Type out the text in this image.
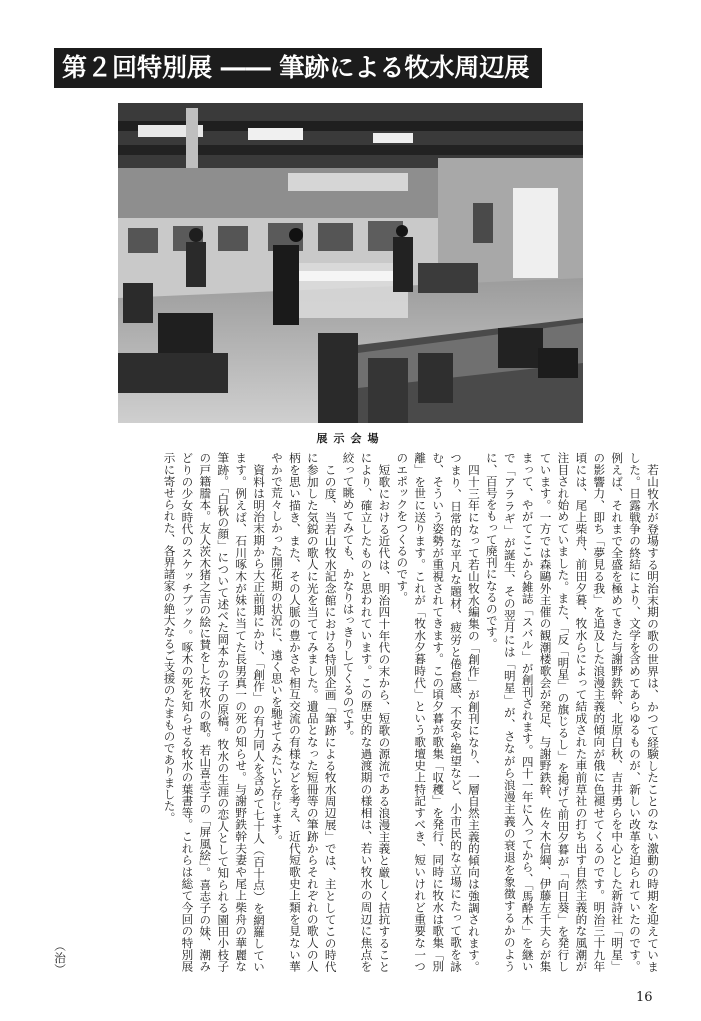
第２回特別展 ―― 筆跡による牧水周辺展
展示会場

若山牧水が登場する明治末期の歌の世界は、かつて経験したことのない激動の時期を迎えていました。日露戦争の終結により、文学を含めてあらゆるものが、新しい改革を迫られていたのです。例えば、それまで全盛を極めてきた与謝野鉄幹、北原白秋、吉井勇らを中心とした新詩社「明星」の影響力、即ち「夢見る我」を追及した浪漫主義的傾向が俄に色褪せてくるのです。明治三十九年頃には、尾上柴舟、前田夕暮、牧水らによって結成された車前草社の打ち出す自然主義的な風潮が注目され始めていました。また、「反「明星」の旗じるし」を掲げて前田夕暮が「向日葵」を発行しています。一方では森鷗外主催の観潮楼歌会が発足、与謝野鉄幹、佐々木信綱、伊藤左千夫らが集まって、やがてここから雑誌「スバル」が創刊されます。四十一年に入ってから、「馬酔木」を継いで「アララギ」が誕生、その翌月には「明星」が、さながら浪漫主義の衰退を象徴するかのように、百号をもって廃刊になるのです。

四十三年になって若山牧水編集の「創作」が創刊になり、一層自然主義的傾向は強調されます。つまり、日常的な平凡な題材、疲労と倦怠感、不安や絶望など、小市民的な立場にたって歌を詠む、そういう姿勢が重視されてきます。この頃夕暮が歌集「収穫」を発行、同時に牧水は歌集「別離」を世に送ります。これが「牧水夕暮時代」という歌壇史上特記すべき、短いけれど重要な一つのエポックをつくるのです。

短歌における近代は、明治四十年代の末から、短歌の源流である浪漫主義と厳しく拮抗することにより、確立したものと思われています。この歴史的な過渡期の様相は、若い牧水の周辺に焦点を絞って眺めてみても、かなりはっきりしてくるのです。

この度、当若山牧水記念館における特別企画「筆跡による牧水周辺展」では、主としてこの時代に参加した気鋭の歌人に光を当ててみました。遺品となった短冊等の筆跡からそれぞれの歌人の人柄を思い描き、また、その人脈の豊かさや相互交流の有様などを考え、近代短歌史上類を見ない華やかで荒々しかった開花期の状況に、遠く思いを馳せてみたいと存じます。

資料は明治末期から大正前期にかけ、「創作」の有力同人を含めて七十人（百十点）を網羅しています。例えば、石川啄木が妹に当てた長男真一の死の知らせ。与謝野鉄幹夫妻や尾上柴舟の華麗な筆跡。「白秋の顔」について述べた岡本かの子の原稿。牧水の生涯の恋人として知られる園田小枝子の戸籍謄本。友人茨木猪之吉の絵に賛をした牧水の歌。若山喜志子の「屏風絵」。喜志子の妹、潮みどりの少女時代のスケッチブック。啄木の死を知らせる牧水の葉書等。これらは総て今回の特別展示に寄せられた、各界諸家の絶大なるご支援のたまものでありました。

（治）
16
